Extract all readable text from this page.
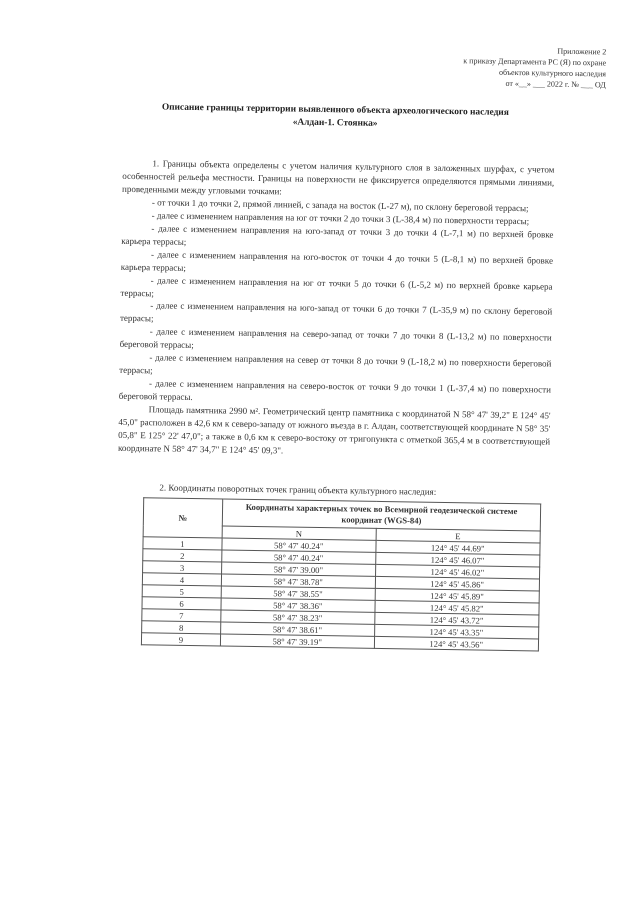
Приложение 2
к приказу Департамента РС (Я) по охране
объектов культурного наследия
от «__» ___ 2022 г. № ___ ОД
Описание границы территории выявленного объекта археологического наследия
«Алдан-1. Стоянка»

1. Границы объекта определены с учетом наличия культурного слоя в заложенных шурфах, с учетом особенностей рельефа местности. Границы на поверхности не фиксируется определяются прямыми линиями, проведенными между угловыми точками:

- от точки 1 до точки 2, прямой линией, с запада на восток (L-27 м), по склону береговой террасы;

- далее с изменением направления на юг от точки 2 до точки 3 (L-38,4 м) по поверхности террасы;

- далее с изменением направления на юго-запад от точки 3 до точки 4 (L-7,1 м) по верхней бровке карьера террасы;

- далее с изменением направления на юго-восток от точки 4 до точки 5 (L-8,1 м) по верхней бровке карьера террасы;

- далее с изменением направления на юг от точки 5 до точки 6 (L-5,2 м) по верхней бровке карьера террасы;

- далее с изменением направления на юго-запад от точки 6 до точки 7 (L-35,9 м) по склону береговой террасы;

- далее с изменением направления на северо-запад от точки 7 до точки 8 (L-13,2 м) по поверхности береговой террасы;

- далее с изменением направления на север от точки 8 до точки 9 (L-18,2 м) по поверхности береговой террасы;

- далее с изменением направления на северо-восток от точки 9 до точки 1 (L-37,4 м) по поверхности береговой террасы.

Площадь памятника 2990 м². Геометрический центр памятника с координатой N 58° 47' 39,2" E 124° 45' 45,0" расположен в 42,6 км к северо-западу от южного въезда в г. Алдан, соответствующей координате N 58° 35' 05,8" E 125° 22' 47,0"; а также в 0,6 км к северо-востоку от тригопункта с отметкой 365,4 м в соответствующей координате N 58° 47' 34,7" E 124° 45' 09,3".

2. Координаты поворотных точек границ объекта культурного наследия:
№	Координаты характерных точек во Всемирной геодезической системе координат (WGS-84)	
	N	E
1	58° 47' 40.24"	124° 45' 44.69"
2	58° 47' 40.24"	124° 45' 46.07"
3	58° 47' 39.00"	124° 45' 46.02"
4	58° 47' 38.78"	124° 45' 45.86"
5	58° 47' 38.55"	124° 45' 45.89"
6	58° 47' 38.36"	124° 45' 45.82"
7	58° 47' 38.23"	124° 45' 43.72"
8	58° 47' 38.61"	124° 45' 43.35"
9	58° 47' 39.19"	124° 45' 43.56"
